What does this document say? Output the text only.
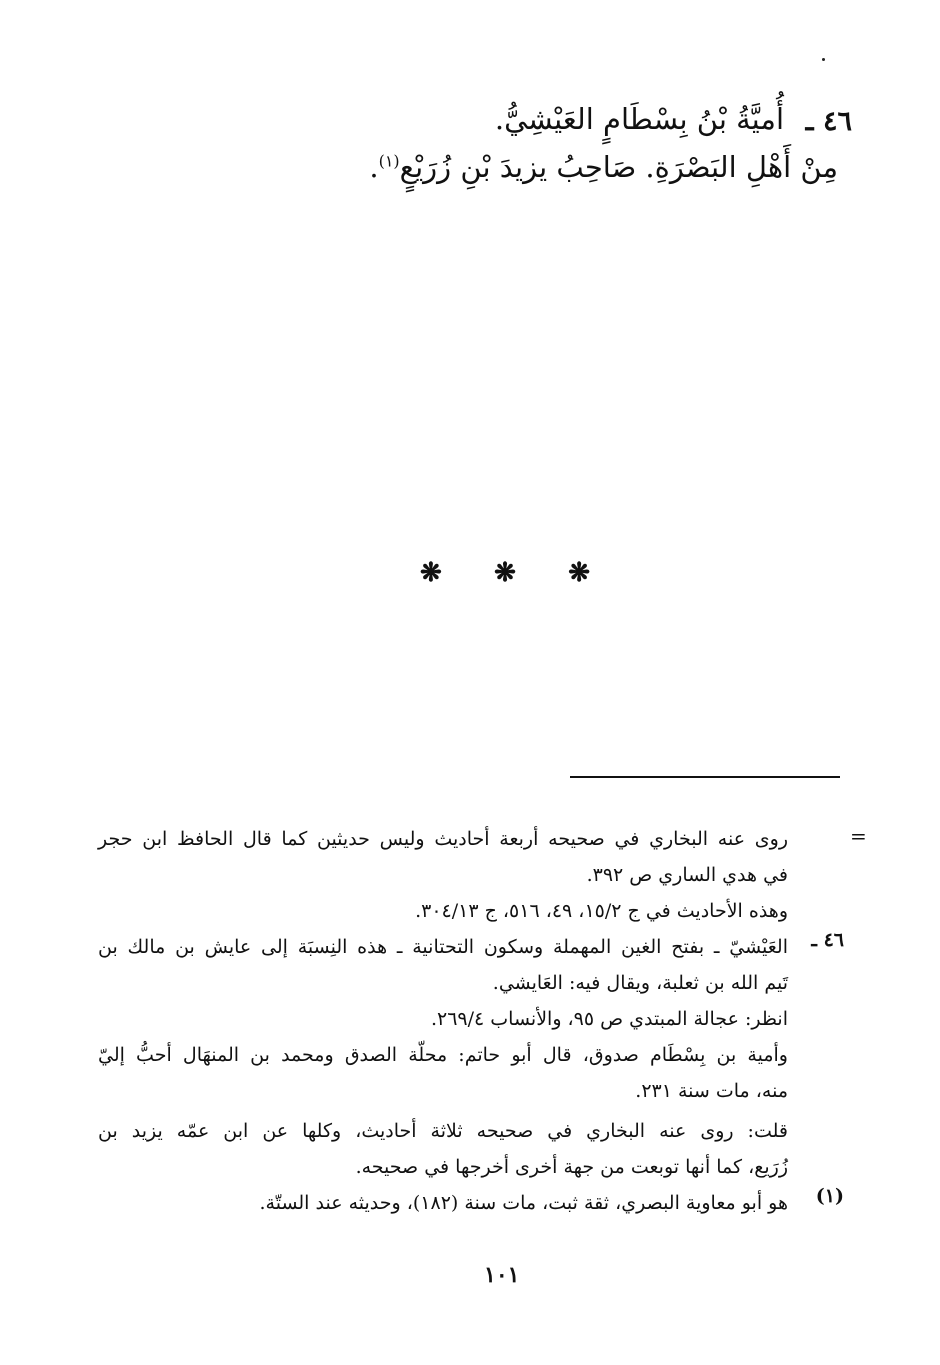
٤٦ ـ
أُميَّةُ بْنُ بِسْطَامٍ العَيْشِيُّ.
مِنْ أَهْلِ البَصْرَةِ. صَاحِبُ يزيدَ بْنِ زُرَيْعٍ$^{(١)}$.
❋ ❋ ❋
=
روى عنه البخاري في صحيحه أربعة أحاديث وليس حديثين كما قال الحافظ ابن حجر
في هدي الساري ص ٣٩٢.
وهذه الأحاديث في ج ١٥/٢، ٤٩، ٥١٦، ج ٣٠٤/١٣.
٤٦ ـ
العَيْشيّ ـ بفتح الغين المهملة وسكون التحتانية ـ هذه النِسبَة إلى عايش بن مالك بن
تَيم الله بن ثعلبة، ويقال فيه: العَايشي.
انظر: عجالة المبتدي ص ٩٥، والأنساب ٢٦٩/٤.
وأمية بن بِسْطَام صدوق، قال أبو حاتم: محلّة الصدق ومحمد بن المنهَال أحبُّ إليّ
منه، مات سنة ٢٣١.
قلت: روى عنه البخاري في صحيحه ثلاثة أحاديث، وكلها عن ابن عمّه يزيد بن
زُرَيع، كما أنها توبعت من جهة أخرى أخرجها في صحيحه.
(١)
هو أبو معاوية البصري، ثقة ثبت، مات سنة (١٨٢)، وحديثه عند الستّة.
١٠١
